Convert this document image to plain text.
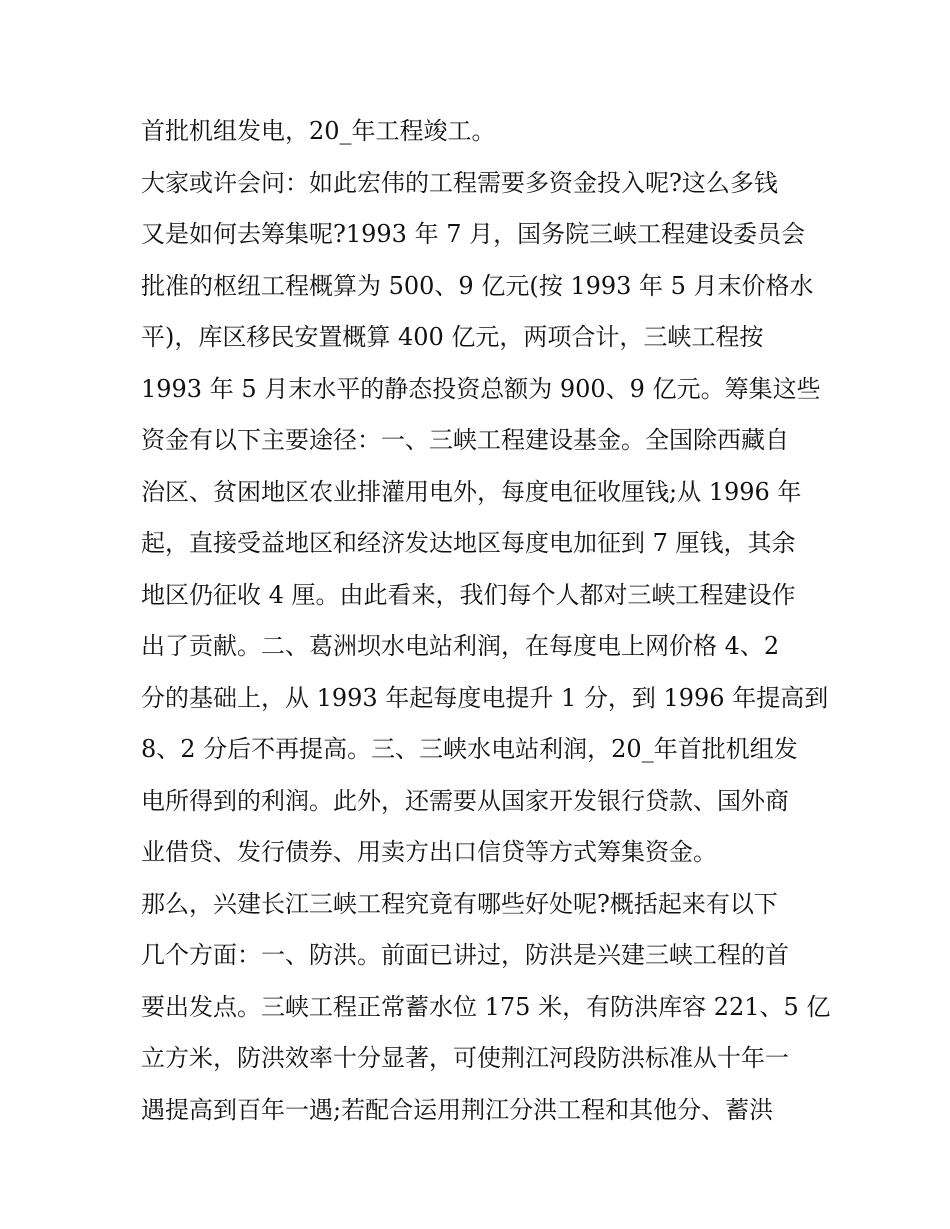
首批机组发电，20_年工程竣工。
大家或许会问：如此宏伟的工程需要多资金投入呢?这么多钱
又是如何去筹集呢?1993 年 7 月，国务院三峡工程建设委员会
批准的枢纽工程概算为 500、9 亿元(按 1993 年 5 月末价格水
平)，库区移民安置概算 400 亿元，两项合计，三峡工程按
1993 年 5 月末水平的静态投资总额为 900、9 亿元。筹集这些
资金有以下主要途径：一、三峡工程建设基金。全国除西藏自
治区、贫困地区农业排灌用电外，每度电征收厘钱;从 1996 年
起，直接受益地区和经济发达地区每度电加征到 7 厘钱，其余
地区仍征收 4 厘。由此看来，我们每个人都对三峡工程建设作
出了贡献。二、葛洲坝水电站利润，在每度电上网价格 4、2
分的基础上，从 1993 年起每度电提升 1 分，到 1996 年提高到
8、2 分后不再提高。三、三峡水电站利润，20_年首批机组发
电所得到的利润。此外，还需要从国家开发银行贷款、国外商
业借贷、发行债券、用卖方出口信贷等方式筹集资金。
那么，兴建长江三峡工程究竟有哪些好处呢?概括起来有以下
几个方面：一、防洪。前面已讲过，防洪是兴建三峡工程的首
要出发点。三峡工程正常蓄水位 175 米，有防洪库容 221、5 亿
立方米，防洪效率十分显著，可使荆江河段防洪标准从十年一
遇提高到百年一遇;若配合运用荆江分洪工程和其他分、蓄洪
